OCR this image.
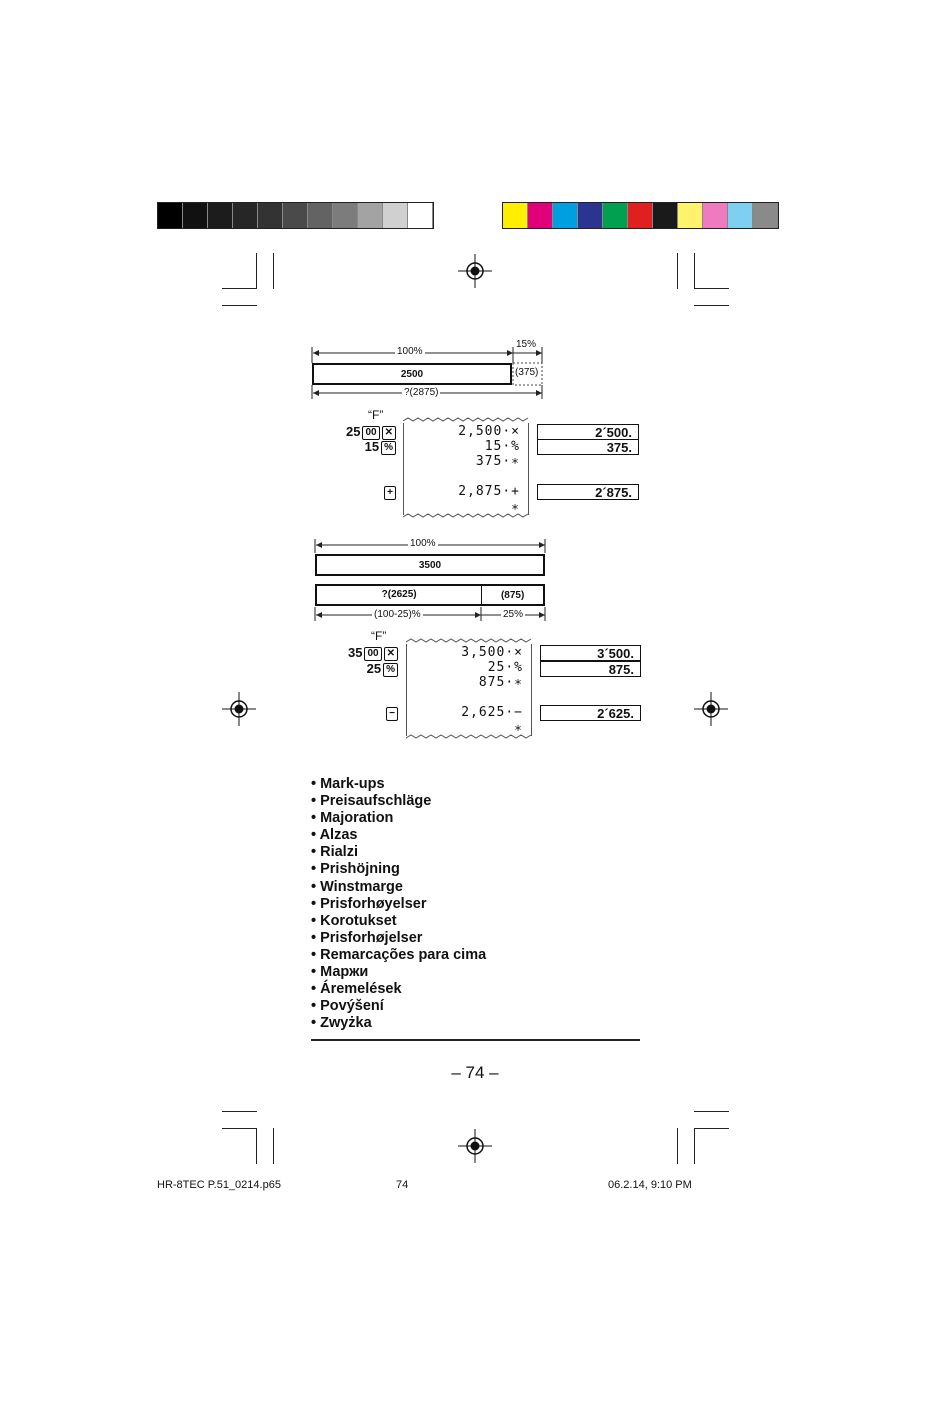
100%
15%
2500	(375)
?(2875)
“F”
25 00 ✕
15 %
+
2,500·×
15·%
375·∗
2,875·+
∗
2´500.
375.
2´875.
100%
3500
?(2625)	(875)
(100-25)%	25%
“F”
35 00 ✕
25 %
−
3,500·×
25·%
875·∗
2,625·−
∗
3´500.
875.
2´625.
• Mark-ups
• Preisaufschläge
• Majoration
• Alzas
• Rialzi
• Prishöjning
• Winstmarge
• Prisforhøyelser
• Korotukset
• Prisforhøjelser
• Remarcações para cima
• Маржи
• Áremelések
• Povýšení
• Zwyżka
– 74 –
HR-8TEC P.51_0214.p65	74	06.2.14, 9:10 PM
